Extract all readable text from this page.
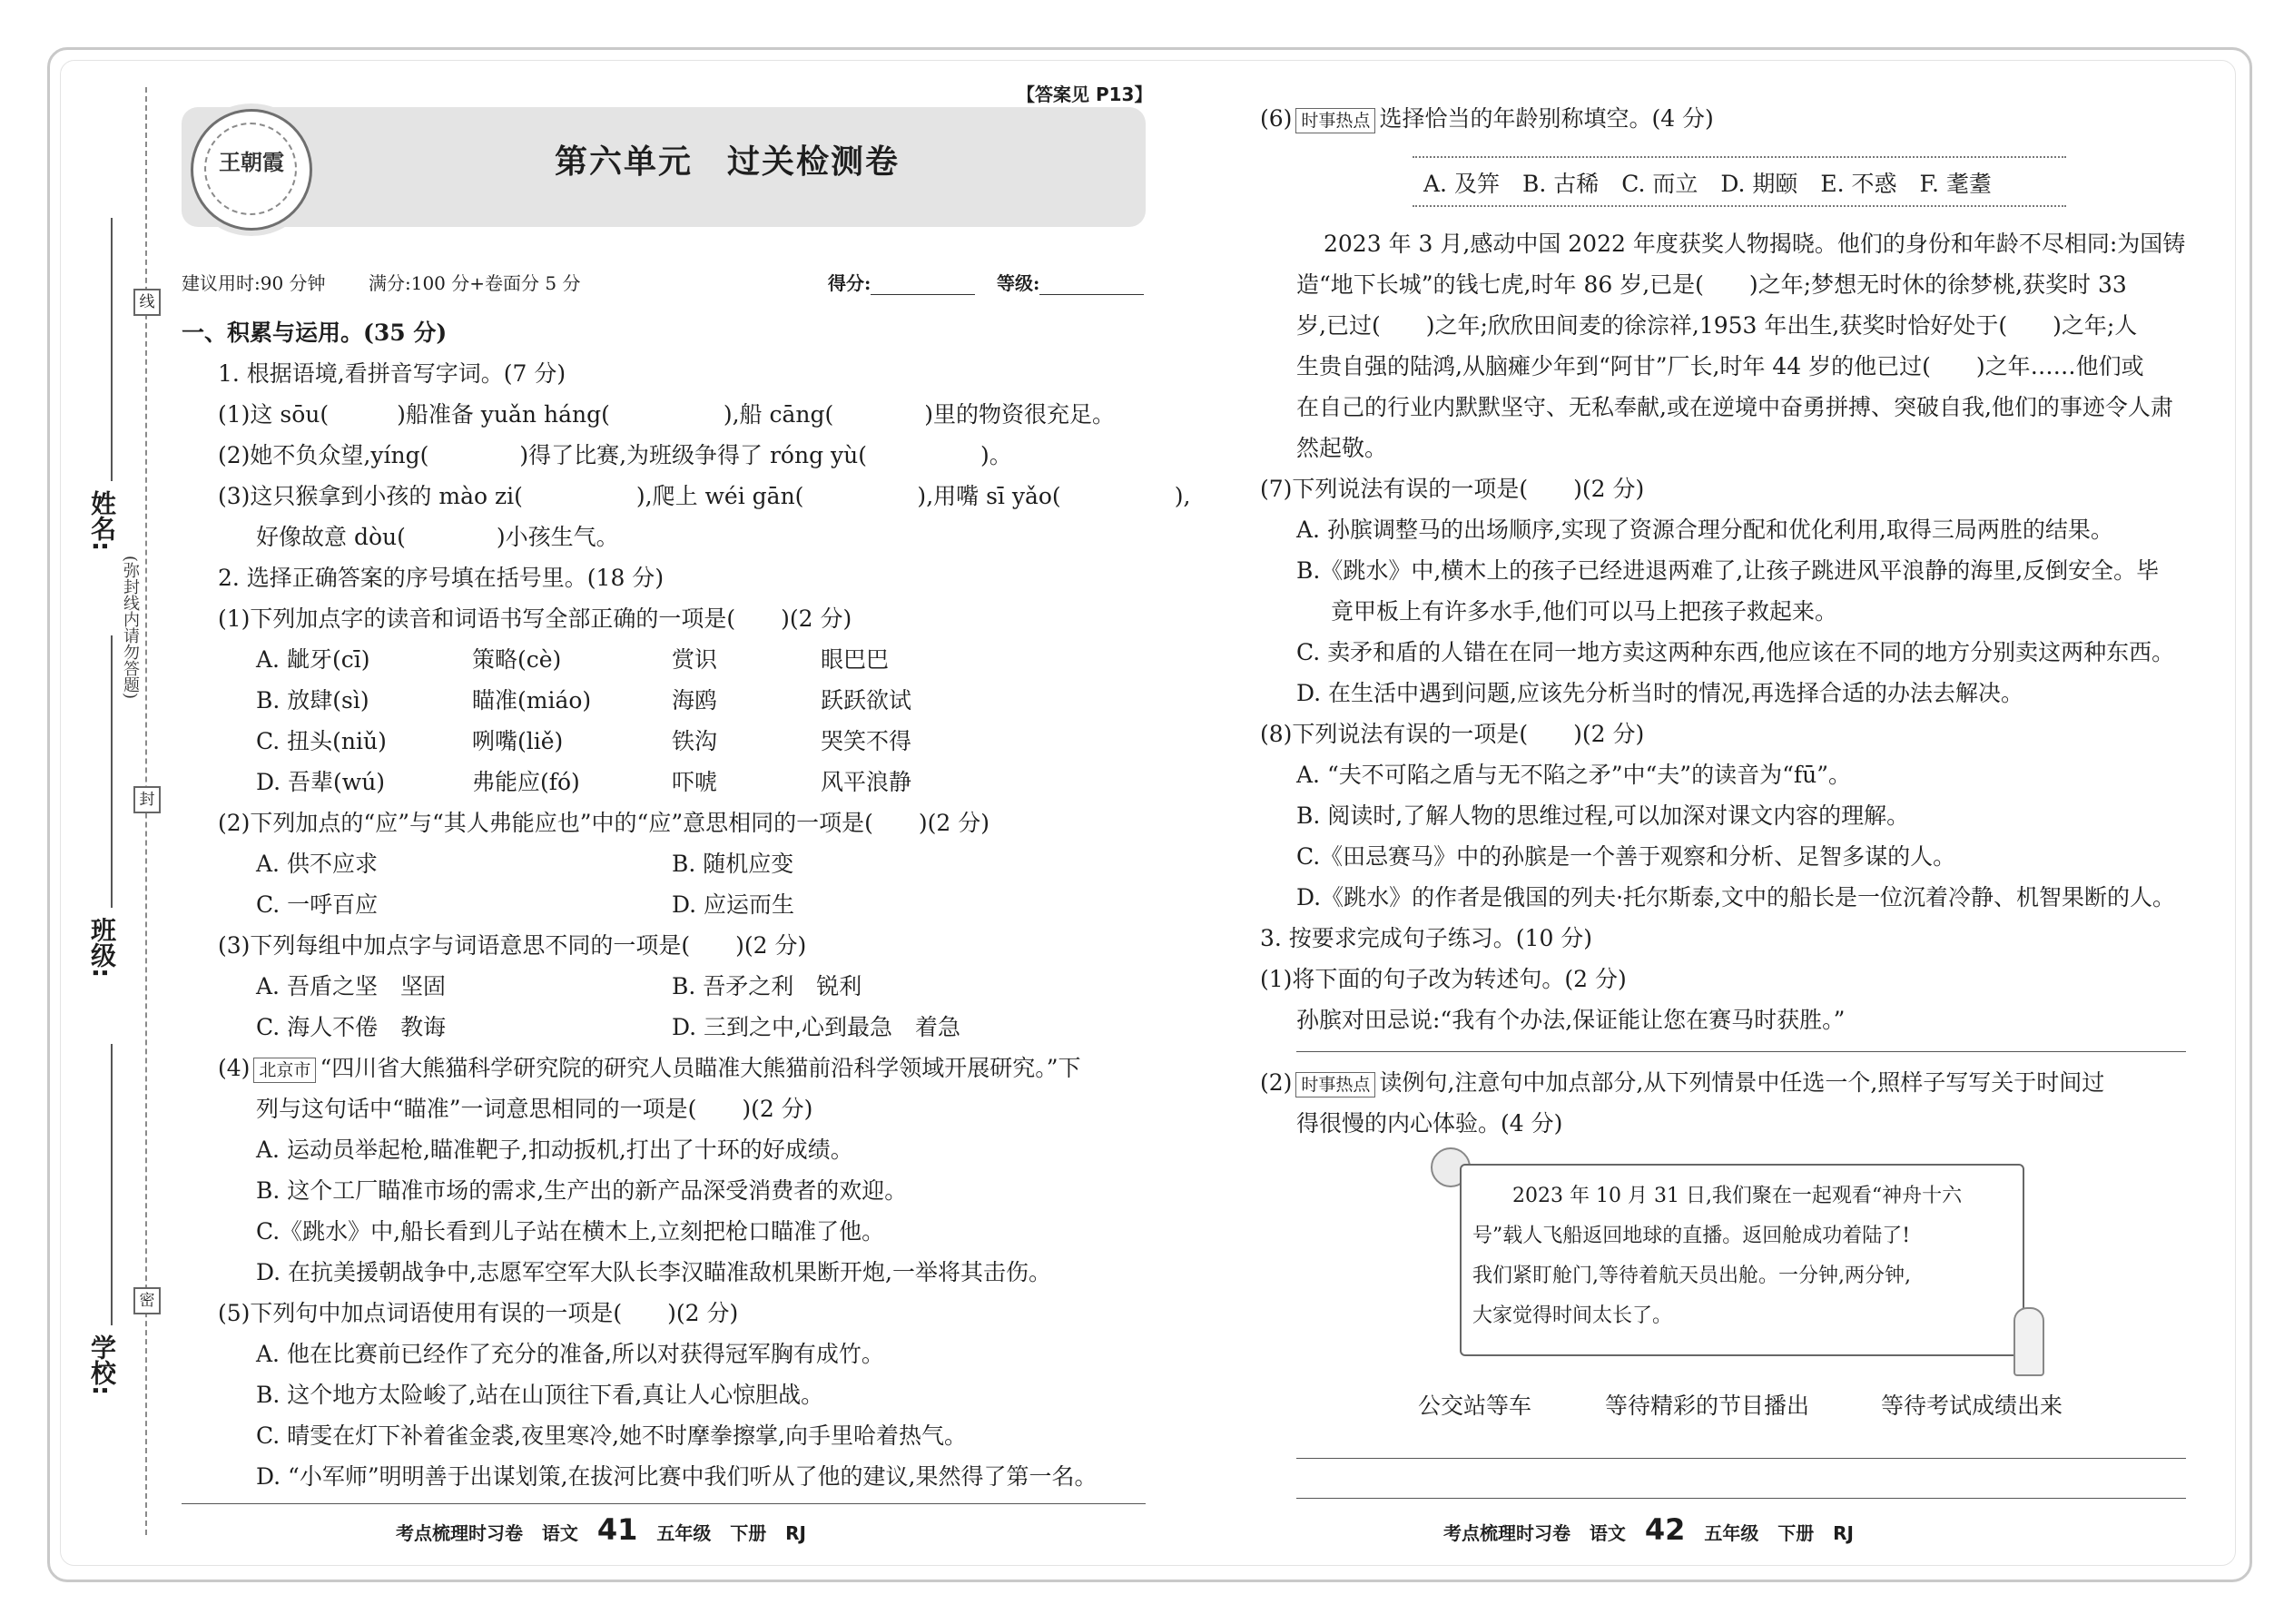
姓名:
班级:
学校:
线
封
密
(弥封线内请勿答题)
【答案见 P13】
王朝霞	第六单元　过关检测卷
建议用时:90 分钟 满分:100 分+卷面分 5 分	得分:	等级:
一、积累与运用。(35 分)
1. 根据语境,看拼音写字词。(7 分)
(1)这 sōu(　　　)船准备 yuǎn háng(　　　　　),船 cāng(　　　　)里的物资很充足。
(2)她不负众望,yíng(　　　　)得了比赛,为班级争得了 róng yù(　　　　　)。
(3)这只猴拿到小孩的 mào zi(　　　　　),爬上 wéi gān(　　　　　),用嘴 sī yǎo(　　　　　),
好像故意 dòu(　　　　)小孩生气。
2. 选择正确答案的序号填在括号里。(18 分)
(1)下列加点字的读音和词语书写全部正确的一项是(　　)(2 分)
A. 龇牙(cī)	策略(cè)	赏识	眼巴巴
B. 放肆(sì)	瞄准(miáo)	海鸥	跃跃欲试
C. 扭头(niǔ)	咧嘴(liě)	铁沟	哭笑不得
D. 吾辈(wú)	弗能应(fó)	吓唬	风平浪静
(2)下列加点的“应”与“其人弗能应也”中的“应”意思相同的一项是(　　)(2 分)
A. 供不应求	B. 随机应变
C. 一呼百应	D. 应运而生
(3)下列每组中加点字与词语意思不同的一项是(　　)(2 分)
A. 吾盾之坚　坚固	B. 吾矛之利　锐利
C. 海人不倦　教诲	D. 三到之中,心到最急　着急
(4) 北京市 “四川省大熊猫科学研究院的研究人员瞄准大熊猫前沿科学领域开展研究。”下
列与这句话中“瞄准”一词意思相同的一项是(　　)(2 分)
A. 运动员举起枪,瞄准靶子,扣动扳机,打出了十环的好成绩。
B. 这个工厂瞄准市场的需求,生产出的新产品深受消费者的欢迎。
C.《跳水》中,船长看到儿子站在横木上,立刻把枪口瞄准了他。
D. 在抗美援朝战争中,志愿军空军大队长李汉瞄准敌机果断开炮,一举将其击伤。
(5)下列句中加点词语使用有误的一项是(　　)(2 分)
A. 他在比赛前已经作了充分的准备,所以对获得冠军胸有成竹。
B. 这个地方太险峻了,站在山顶往下看,真让人心惊胆战。
C. 晴雯在灯下补着雀金裘,夜里寒冷,她不时摩拳擦掌,向手里哈着热气。
D. “小军师”明明善于出谋划策,在拔河比赛中我们听从了他的建议,果然得了第一名。
考点梳理时习卷 语文 41 五年级 下册 RJ
(6) 时事热点 选择恰当的年龄别称填空。(4 分)
A. 及笄　B. 古稀　C. 而立　D. 期颐　E. 不惑　F. 耄耋
2023 年 3 月,感动中国 2022 年度获奖人物揭晓。他们的身份和年龄不尽相同:为国铸
造“地下长城”的钱七虎,时年 86 岁,已是(　　)之年;梦想无时休的徐梦桃,获奖时 33
岁,已过(　　)之年;欣欣田间麦的徐淙祥,1953 年出生,获奖时恰好处于(　　)之年;人
生贵自强的陆鸿,从脑瘫少年到“阿甘”厂长,时年 44 岁的他已过(　　)之年……他们或
在自己的行业内默默坚守、无私奉献,或在逆境中奋勇拼搏、突破自我,他们的事迹令人肃
然起敬。
(7)下列说法有误的一项是(　　)(2 分)
A. 孙膑调整马的出场顺序,实现了资源合理分配和优化利用,取得三局两胜的结果。
B.《跳水》中,横木上的孩子已经进退两难了,让孩子跳进风平浪静的海里,反倒安全。毕
竟甲板上有许多水手,他们可以马上把孩子救起来。
C. 卖矛和盾的人错在在同一地方卖这两种东西,他应该在不同的地方分别卖这两种东西。
D. 在生活中遇到问题,应该先分析当时的情况,再选择合适的办法去解决。
(8)下列说法有误的一项是(　　)(2 分)
A. “夫不可陷之盾与无不陷之矛”中“夫”的读音为“fū”。
B. 阅读时,了解人物的思维过程,可以加深对课文内容的理解。
C.《田忌赛马》中的孙膑是一个善于观察和分析、足智多谋的人。
D.《跳水》的作者是俄国的列夫·托尔斯泰,文中的船长是一位沉着冷静、机智果断的人。
3. 按要求完成句子练习。(10 分)
(1)将下面的句子改为转述句。(2 分)
孙膑对田忌说:“我有个办法,保证能让您在赛马时获胜。”
(2) 时事热点 读例句,注意句中加点部分,从下列情景中任选一个,照样子写写关于时间过
得很慢的内心体验。(4 分)
2023 年 10 月 31 日,我们聚在一起观看“神舟十六
号”载人飞船返回地球的直播。返回舱成功着陆了!
我们紧盯舱门,等待着航天员出舱。一分钟,两分钟,
大家觉得时间太长了。
公交站等车	等待精彩的节目播出	等待考试成绩出来
考点梳理时习卷 语文 42 五年级 下册 RJ
